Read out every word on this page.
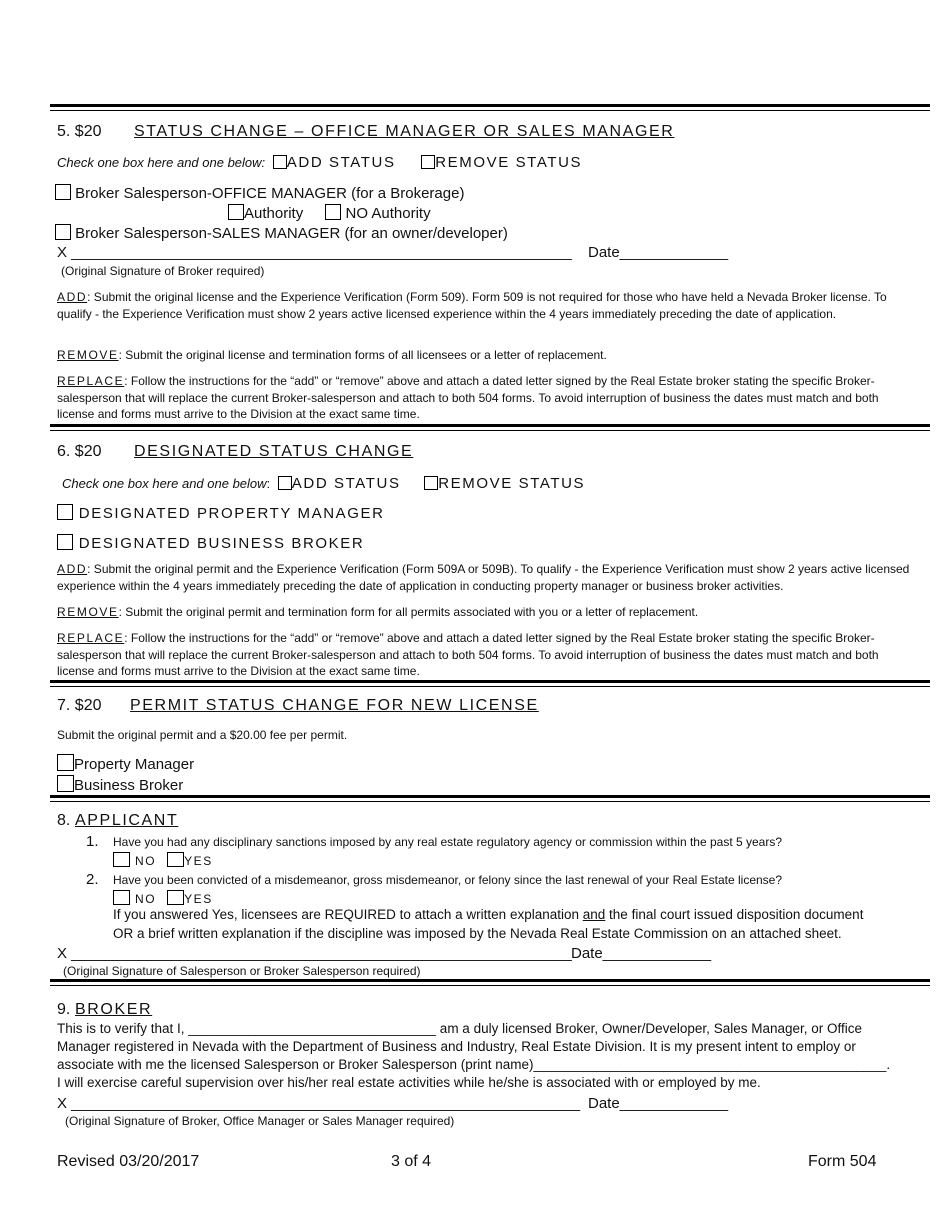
5. $20 STATUS CHANGE – OFFICE MANAGER OR SALES MANAGER
Check one box here and one below: ADD STATUS	REMOVE STATUS
Broker Salesperson-OFFICE MANAGER (for a Brokerage)
Authority	NO Authority
Broker Salesperson-SALES MANAGER (for an owner/developer)
X ____________________________________________________________ Date_____________
(Original Signature of Broker required)
ADD: Submit the original license and the Experience Verification (Form 509). Form 509 is not required for those who have held a Nevada Broker license. To qualify - the Experience Verification must show 2 years active licensed experience within the 4 years immediately preceding the date of application.
REMOVE: Submit the original license and termination forms of all licensees or a letter of replacement.
REPLACE: Follow the instructions for the “add” or “remove” above and attach a dated letter signed by the Real Estate broker stating the specific Broker-salesperson that will replace the current Broker-salesperson and attach to both 504 forms. To avoid interruption of business the dates must match and both license and forms must arrive to the Division at the exact same time.
6. $20 DESIGNATED STATUS CHANGE
Check one box here and one below: ADD STATUS	REMOVE STATUS
DESIGNATED PROPERTY MANAGER
DESIGNATED BUSINESS BROKER
ADD: Submit the original permit and the Experience Verification (Form 509A or 509B). To qualify - the Experience Verification must show 2 years active licensed experience within the 4 years immediately preceding the date of application in conducting property manager or business broker activities.
REMOVE: Submit the original permit and termination form for all permits associated with you or a letter of replacement.
REPLACE: Follow the instructions for the “add” or “remove” above and attach a dated letter signed by the Real Estate broker stating the specific Broker-salesperson that will replace the current Broker-salesperson and attach to both 504 forms. To avoid interruption of business the dates must match and both license and forms must arrive to the Division at the exact same time.
7. $20 PERMIT STATUS CHANGE FOR NEW LICENSE
Submit the original permit and a $20.00 fee per permit.
Property Manager
Business Broker
8. APPLICANT
1. Have you had any disciplinary sanctions imposed by any real estate regulatory agency or commission within the past 5 years?
NO YES
2. Have you been convicted of a misdemeanor, gross misdemeanor, or felony since the last renewal of your Real Estate license?
NO YES
If you answered Yes, licensees are REQUIRED to attach a written explanation and the final court issued disposition document
OR a brief written explanation if the discipline was imposed by the Nevada Real Estate Commission on an attached sheet.
X ____________________________________________________________ Date_____________
(Original Signature of Salesperson or Broker Salesperson required)
9. BROKER
This is to verify that I, _________________________________ am a duly licensed Broker, Owner/Developer, Sales Manager, or Office
Manager registered in Nevada with the Department of Business and Industry, Real Estate Division. It is my present intent to employ or
associate with me the licensed Salesperson or Broker Salesperson (print name)_______________________________________________.
I will exercise careful supervision over his/her real estate activities while he/she is associated with or employed by me.
X _____________________________________________________________ Date_____________
(Original Signature of Broker, Office Manager or Sales Manager required)
Revised 03/20/2017	3 of 4	Form 504
